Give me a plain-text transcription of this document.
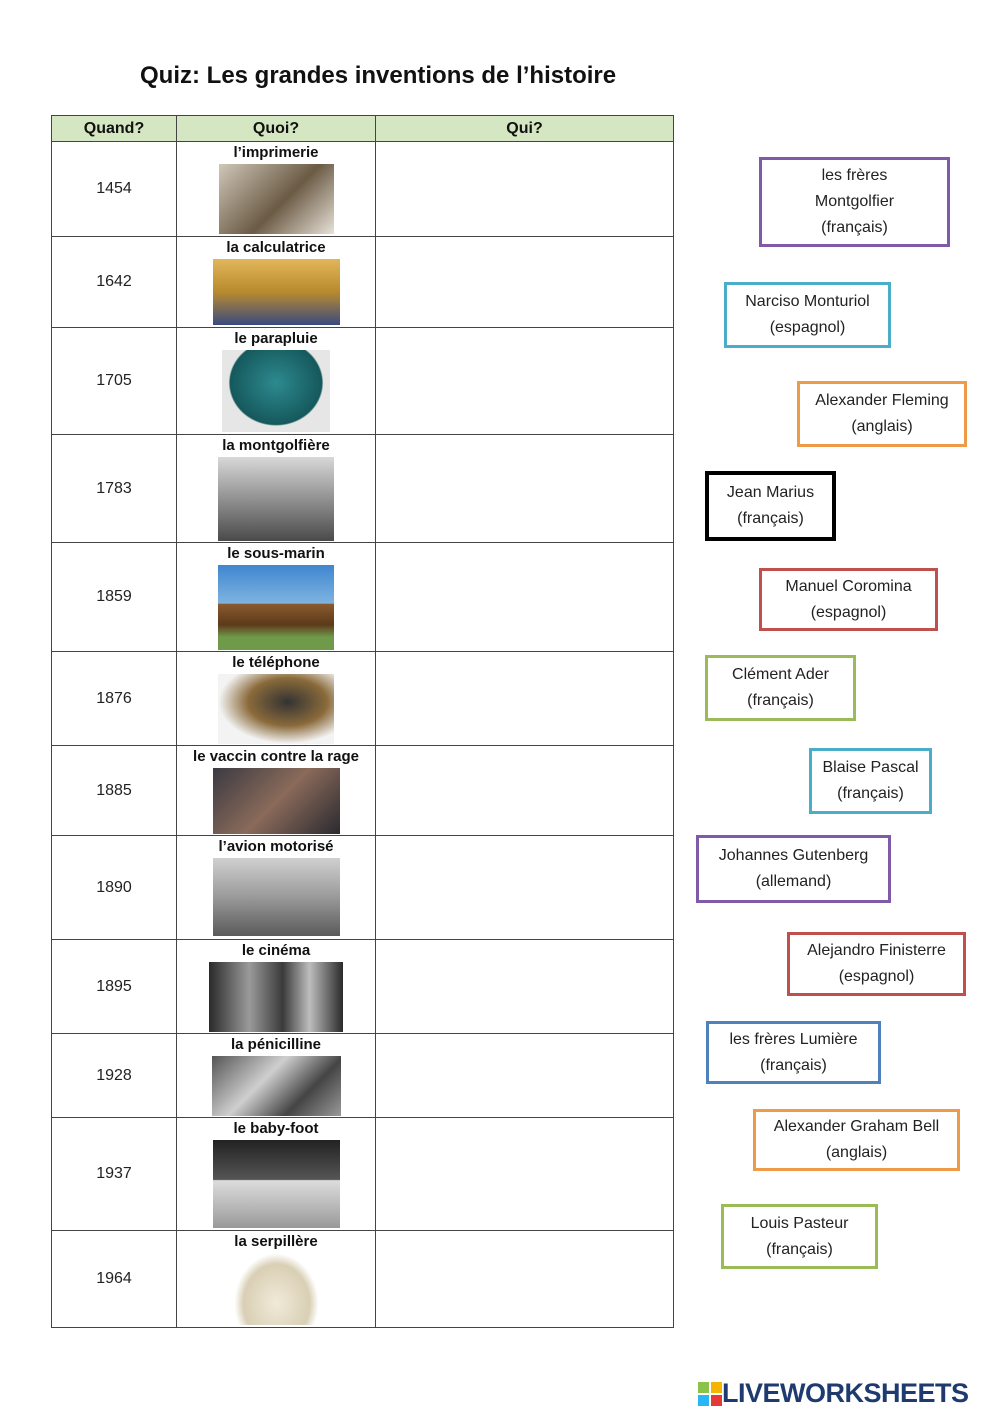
Quiz: Les grandes inventions de l’histoire
Quand?	Quoi?	Qui?
1454	l’imprimerie	

1642	la calculatrice	

1705	le parapluie	

1783	la montgolfière	

1859	le sous-marin	

1876	le téléphone	

1885	le vaccin contre la rage	

1890	l’avion motorisé	

1895	le cinéma	

1928	la pénicilline	

1937	le baby-foot	

1964	la serpillère	

les frères
Montgolfier
(français)
Narciso Monturiol
(espagnol)
Alexander Fleming
(anglais)
Jean Marius
(français)
Manuel Coromina
(espagnol)
Clément Ader
(français)
Blaise Pascal
(français)
Johannes Gutenberg
(allemand)
Alejandro Finisterre
(espagnol)
les frères Lumière
(français)
Alexander Graham Bell
(anglais)
Louis Pasteur
(français)
LIVEWORKSHEETS
